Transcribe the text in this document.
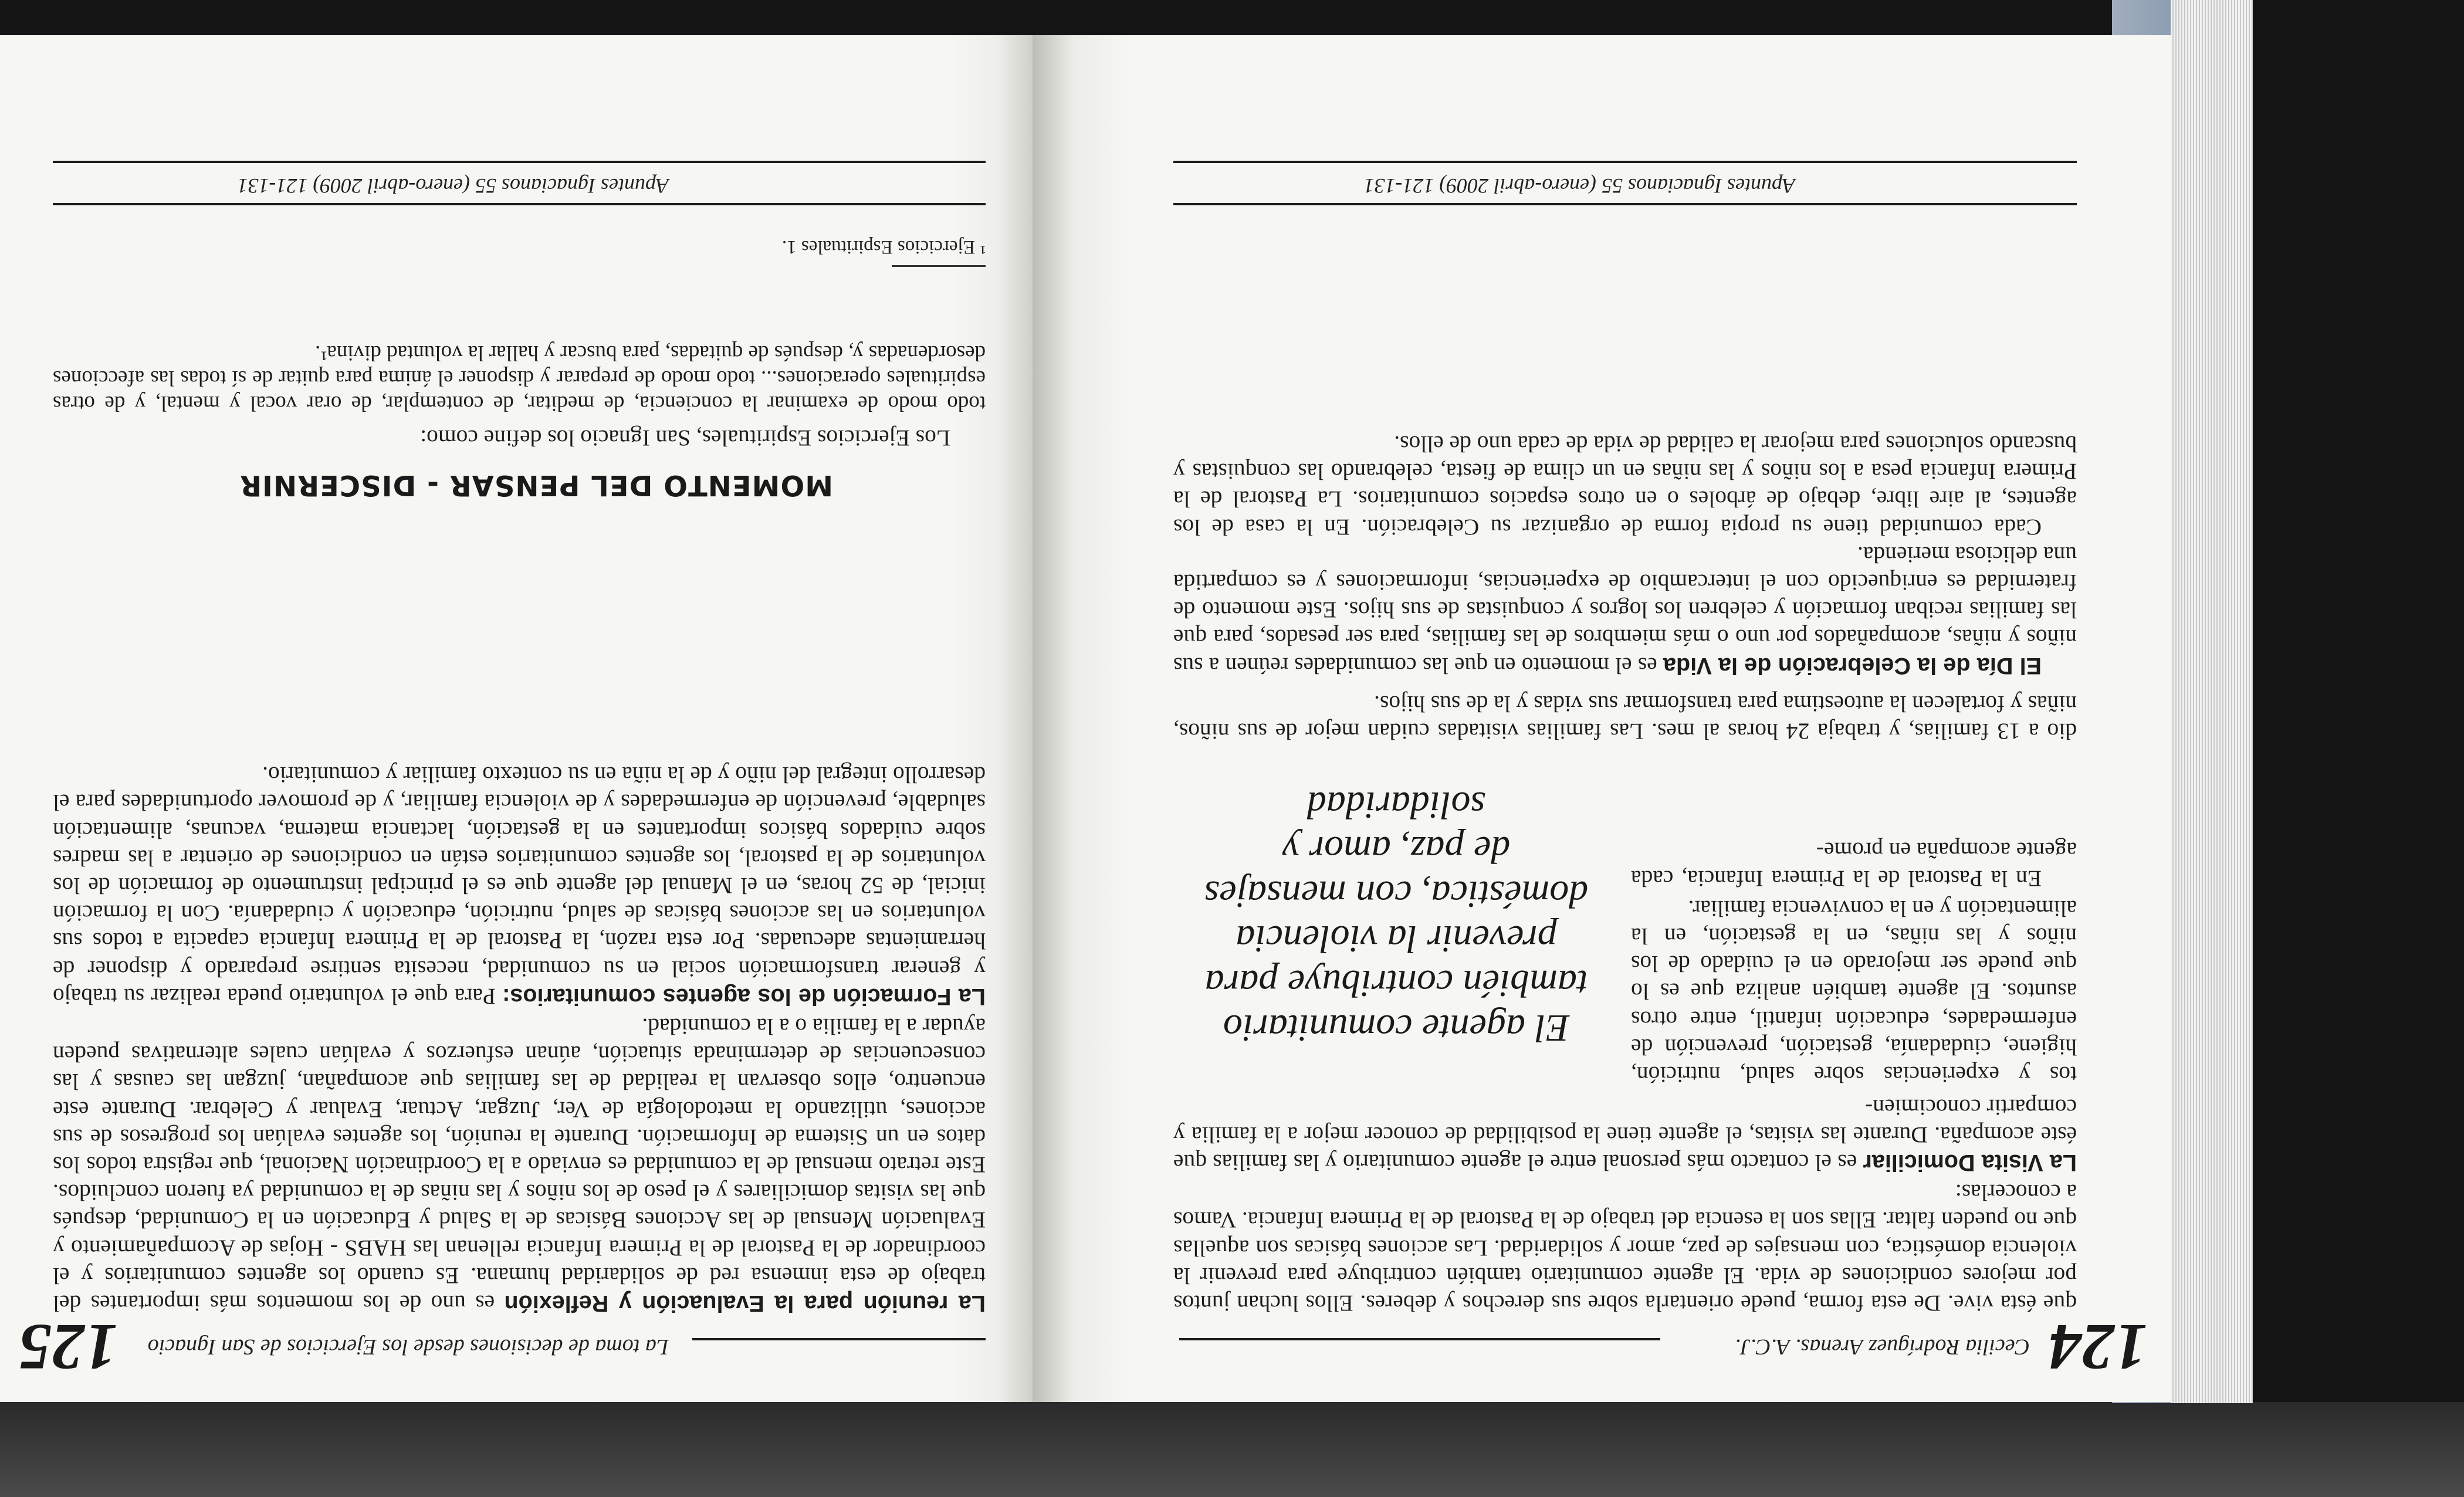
La toma de decisiones desde los Ejercicios de San Ignacio
125

La reunión para la Evaluación y Reflexión es uno de los momentos más importantes del trabajo de esta inmensa red de solidaridad humana. Es cuando los agentes comunitarios y el coordinador de la Pastoral de la Primera Infancia rellenan las HABS - Hojas de Acompañamiento y Evaluación Mensual de las Acciones Básicas de la Salud y Educación en la Comunidad, después que las visitas domiciliares y el peso de los niños y las niñas de la comunidad ya fueron concluidos. Este retrato mensual de la comunidad es enviado a la Coordinación Nacional, que registra todos los datos en un Sistema de Información. Durante la reunión, los agentes evalúan los progresos de sus acciones, utilizando la metodología de Ver, Juzgar, Actuar, Evaluar y Celebrar. Durante este encuentro, ellos observan la realidad de las familias que acompañan, juzgan las causas y las consecuencias de determinada situación, aúnan esfuerzos y evalúan cuales alternativas pueden ayudar a la familia o a la comunidad.

La Formación de los agentes comunitarios: Para que el voluntario pueda realizar su trabajo y generar transformación social en su comunidad, necesita sentirse preparado y disponer de herramientas adecuadas. Por esta razón, la Pastoral de la Primera Infancia capacita a todos sus voluntarios en las acciones básicas de salud, nutrición, educación y ciudadanía. Con la formación inicial, de 52 horas, en el Manual del agente que es el principal instrumento de formación de los voluntarios de la pastoral, los agentes comunitarios están en condiciones de orientar a las madres sobre cuidados básicos importantes en la gestación, lactancia materna, vacunas, alimentación saludable, prevención de enfermedades y de violencia familiar, y de promover oportunidades para el desarrollo integral del niño y de la niña en su contexto familiar y comunitario.

MOMENTO DEL PENSAR - DISCERNIR

Los Ejercicios Espirituales, San Ignacio los define como:

todo modo de examinar la conciencia, de meditar, de contemplar, de orar vocal y mental, y de otras espirituales operaciones... todo modo de preparar y disponer el ánima para quitar de sí todas las afecciones desordenadas y, después de quitadas, para buscar y hallar la voluntad divina¹.

¹ Ejercicios Espirituales 1.
Apuntes Ignacianos 55 (enero-abril 2009) 121-131
124
Cecilia Rodríguez Arenas. A.C.J.

que ésta vive. De esta forma, puede orientarla sobre sus derechos y deberes. Ellos luchan juntos por mejores condiciones de vida. El agente comunitario también contribuye para prevenir la violencia doméstica, con mensajes de paz, amor y solidaridad. Las acciones básicas son aquellas que no pueden faltar. Ellas son la esencia del trabajo de la Pastoral de la Primera Infancia. Vamos a conocerlas:

La Visita Domiciliar es el contacto más personal entre el agente comunitario y las familias que éste acompaña. Durante las visitas, el agente tiene la posibilidad de conocer mejor a la familia y compartir conocimien-

tos y experiencias sobre salud, nutrición, higiene, ciudadanía, gestación, prevención de enfermedades, educación infantil, entre otros asuntos. El agente también analiza que es lo que puede ser mejorado en el cuidado de los niños y las niñas, en la gestación, en la alimentación y en la convivencia familiar.

En la Pastoral de la Primera Infancia, cada agente acompaña en prome-

El agente comunitario también contribuye para prevenir la violencia doméstica, con mensajes de paz, amor y solidaridad

dio a 13 familias, y trabaja 24 horas al mes. Las familias visitadas cuidan mejor de sus niños, niñas y fortalecen la autoestima para transformar sus vidas y la de sus hijos.

El Día de la Celebración de la Vida es el momento en que las comunidades reúnen a sus niños y niñas, acompañados por uno o más miembros de las familias, para ser pesados, para que las familias reciban formación y celebren los logros y conquistas de sus hijos. Este momento de fraternidad es enriquecido con el intercambio de experiencias, informaciones y es compartida una deliciosa merienda.

Cada comunidad tiene su propia forma de organizar su Celebración. En la casa de los agentes, al aire libre, debajo de árboles o en otros espacios comunitarios. La Pastoral de la Primera Infancia pesa a los niños y las niñas en un clima de fiesta, celebrando las conquistas y buscando soluciones para mejorar la calidad de vida de cada uno de ellos.

Apuntes Ignacianos 55 (enero-abril 2009) 121-131
